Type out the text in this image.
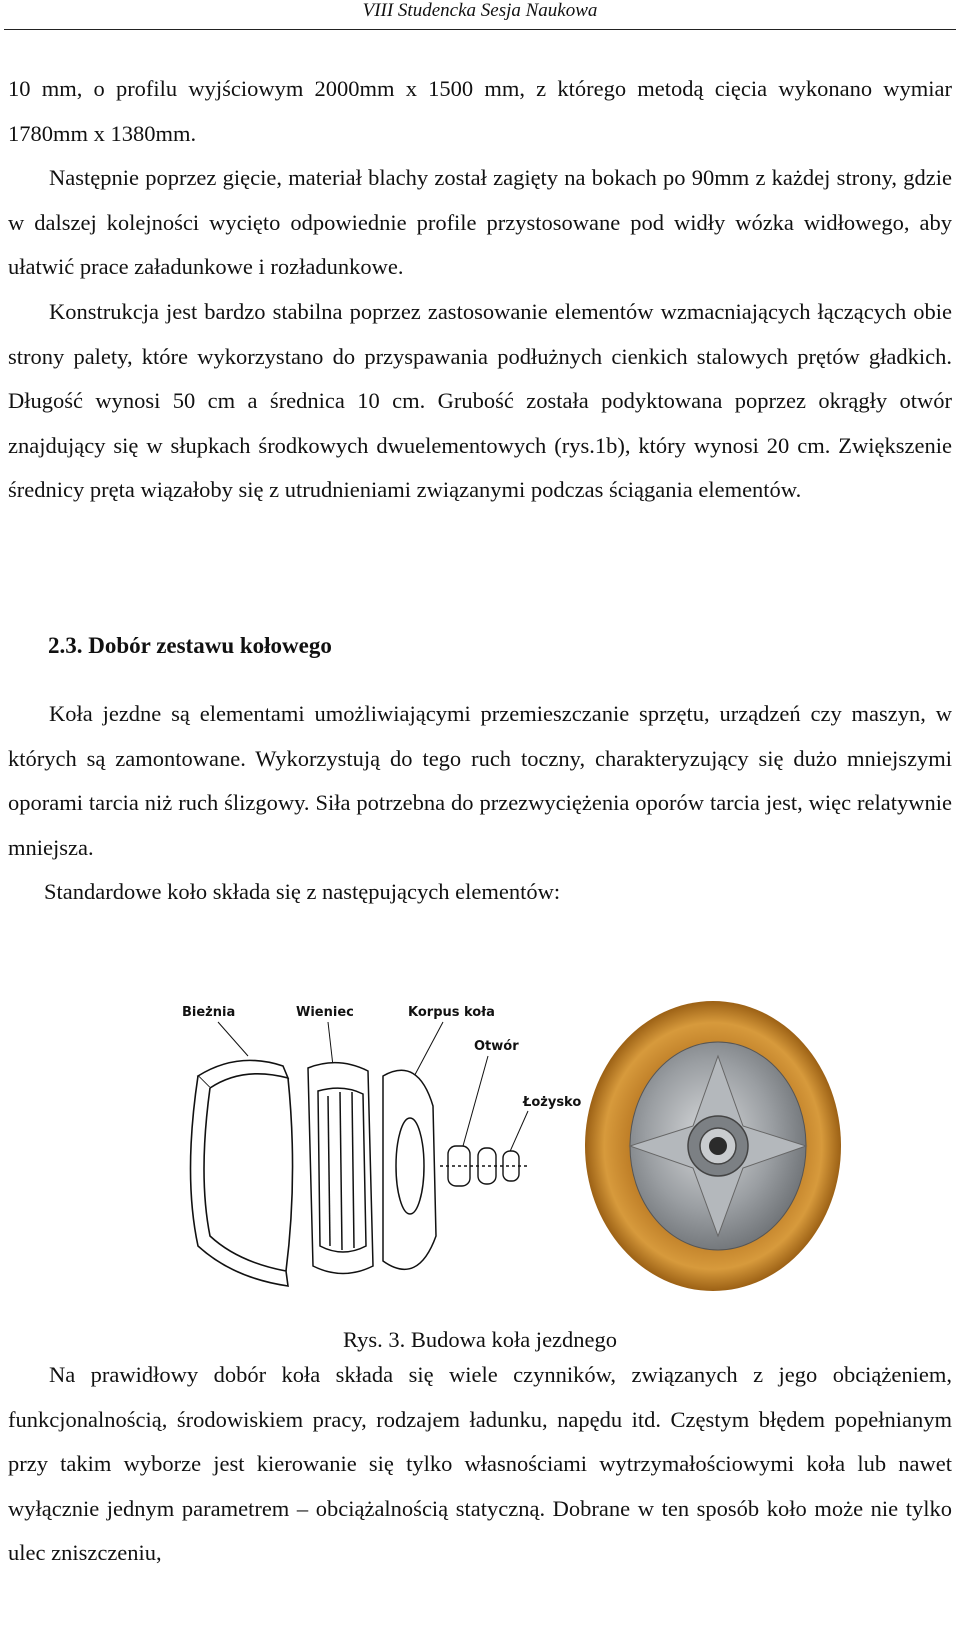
VIII Studencka Sesja Naukowa

10 mm, o profilu wyjściowym 2000mm x 1500 mm, z którego metodą cięcia wykonano wymiar 1780mm x 1380mm.

Następnie poprzez gięcie, materiał blachy został zagięty na bokach po 90mm z każdej strony, gdzie w dalszej kolejności wycięto odpowiednie profile przystosowane pod widły wózka widłowego, aby ułatwić prace załadunkowe i rozładunkowe.

Konstrukcja jest bardzo stabilna poprzez zastosowanie elementów wzmacniających łączących obie strony palety, które wykorzystano do przyspawania podłużnych cienkich stalowych prętów gładkich. Długość wynosi 50 cm a średnica 10 cm. Grubość została podyktowana poprzez okrągły otwór znajdujący się w słupkach środkowych dwuelementowych (rys.1b), który wynosi 20 cm. Zwiększenie średnicy pręta wiązałoby się z utrudnieniami związanymi podczas ściągania elementów.

2.3. Dobór zestawu kołowego

Koła jezdne są elementami umożliwiającymi przemieszczanie sprzętu, urządzeń czy maszyn, w których są zamontowane. Wykorzystują do tego ruch toczny, charakteryzujący się dużo mniejszymi oporami tarcia niż ruch ślizgowy. Siła potrzebna do przezwyciężenia oporów tarcia jest, więc relatywnie mniejsza.

Standardowe koło składa się z następujących elementów:

Bieżnia	Wieniec	Korpus koła
Otwór
Łożysko
Rys. 3. Budowa koła jezdnego

Na prawidłowy dobór koła składa się wiele czynników, związanych z jego obciążeniem, funkcjonalnością, środowiskiem pracy, rodzajem ładunku, napędu itd. Częstym błędem popełnianym przy takim wyborze jest kierowanie się tylko własnościami wytrzymałościowymi koła lub nawet wyłącznie jednym parametrem – obciążalnością statyczną. Dobrane w ten sposób koło może nie tylko ulec zniszczeniu,
